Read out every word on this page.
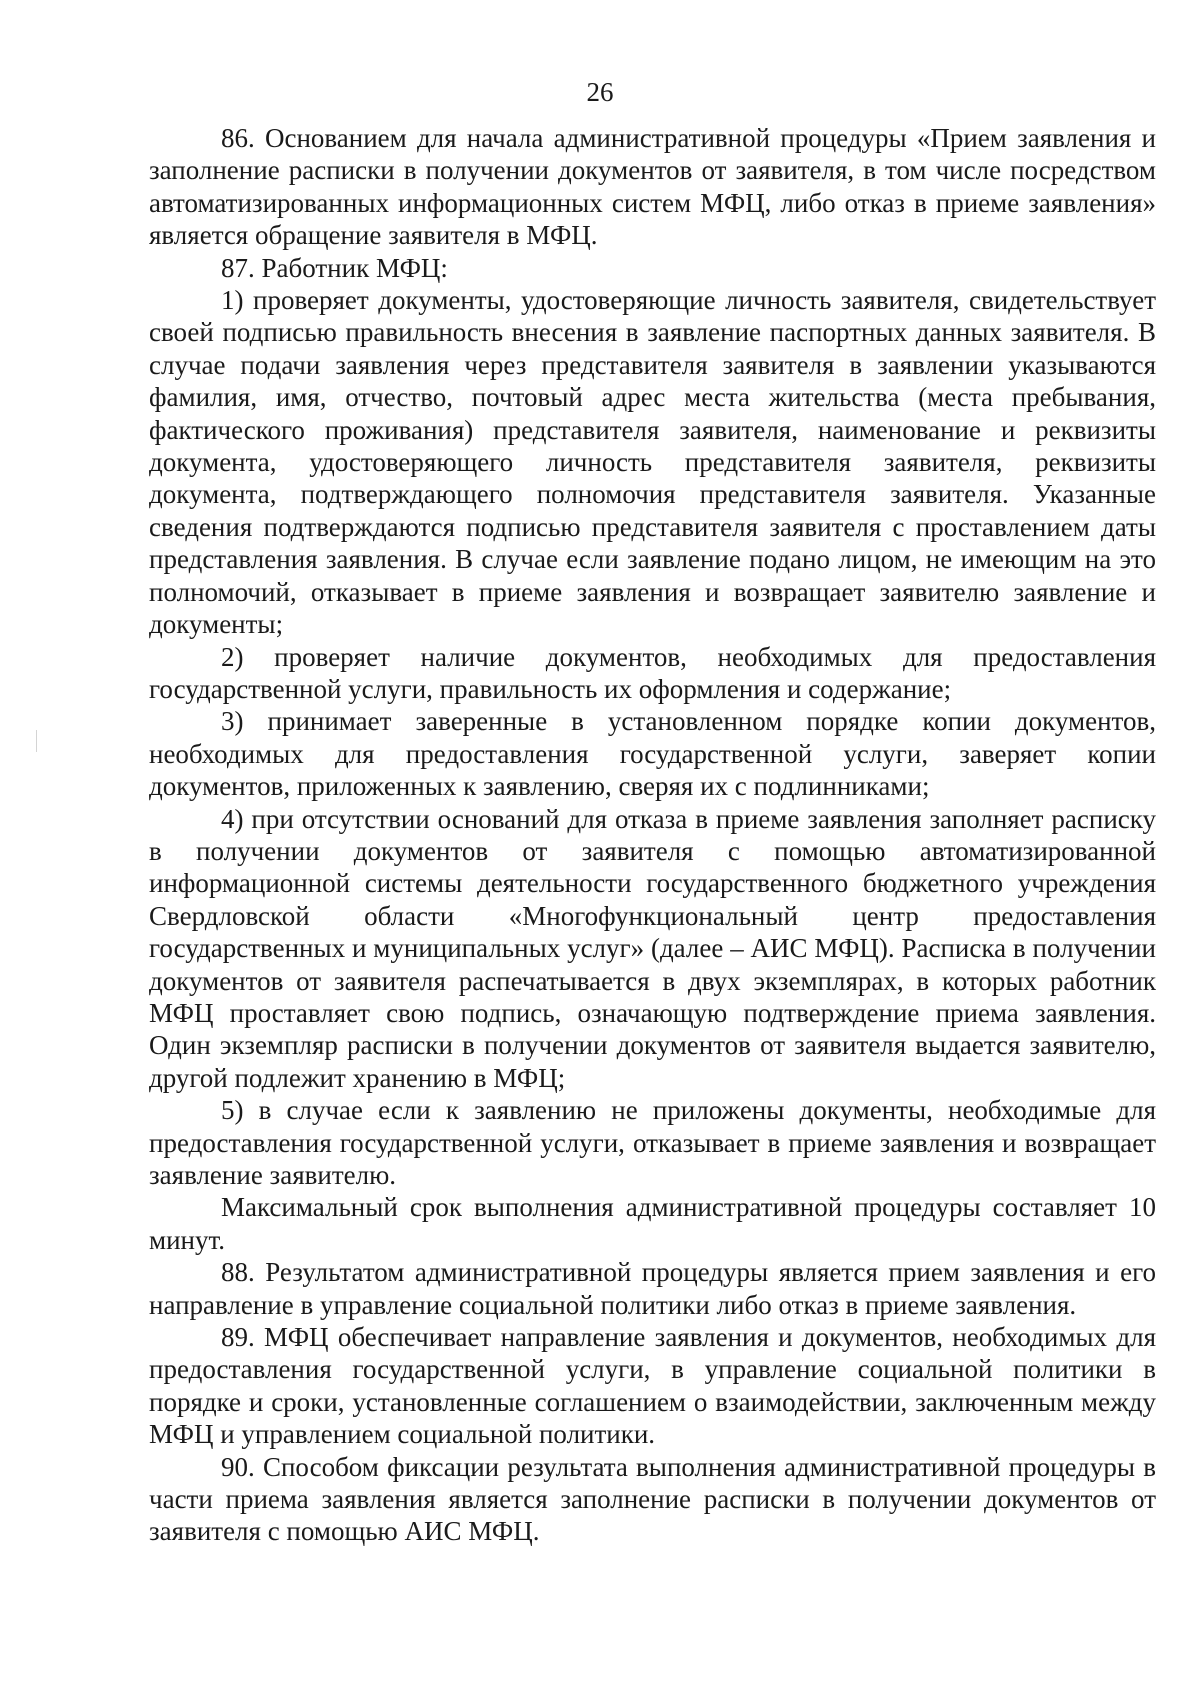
26

86. Основанием для начала административной процедуры «Прием заявления и заполнение расписки в получении документов от заявителя, в том числе посредством автоматизированных информационных систем МФЦ, либо отказ в приеме заявления» является обращение заявителя в МФЦ.

87. Работник МФЦ:

1) проверяет документы, удостоверяющие личность заявителя, свидетельствует своей подписью правильность внесения в заявление паспортных данных заявителя. В случае подачи заявления через представителя заявителя в заявлении указываются фамилия, имя, отчество, почтовый адрес места жительства (места пребывания, фактического проживания) представителя заявителя, наименование и реквизиты документа, удостоверяющего личность представителя заявителя, реквизиты документа, подтверждающего полномочия представителя заявителя. Указанные сведения подтверждаются подписью представителя заявителя с проставлением даты представления заявления. В случае если заявление подано лицом, не имеющим на это полномочий, отказывает в приеме заявления и возвращает заявителю заявление и документы;

2) проверяет наличие документов, необходимых для предоставления государственной услуги, правильность их оформления и содержание;

3) принимает заверенные в установленном порядке копии документов, необходимых для предоставления государственной услуги, заверяет копии документов, приложенных к заявлению, сверяя их с подлинниками;

4) при отсутствии оснований для отказа в приеме заявления заполняет расписку в получении документов от заявителя с помощью автоматизированной информационной системы деятельности государственного бюджетного учреждения Свердловской области «Многофункциональный центр предоставления государственных и муниципальных услуг» (далее – АИС МФЦ). Расписка в получении документов от заявителя распечатывается в двух экземплярах, в которых работник МФЦ проставляет свою подпись, означающую подтверждение приема заявления. Один экземпляр расписки в получении документов от заявителя выдается заявителю, другой подлежит хранению в МФЦ;

5) в случае если к заявлению не приложены документы, необходимые для предоставления государственной услуги, отказывает в приеме заявления и возвращает заявление заявителю.

Максимальный срок выполнения административной процедуры составляет 10 минут.

88. Результатом административной процедуры является прием заявления и его направление в управление социальной политики либо отказ в приеме заявления.

89. МФЦ обеспечивает направление заявления и документов, необходимых для предоставления государственной услуги, в управление социальной политики в порядке и сроки, установленные соглашением о взаимодействии, заключенным между МФЦ и управлением социальной политики.

90. Способом фиксации результата выполнения административной процедуры в части приема заявления является заполнение расписки в получении документов от заявителя с помощью АИС МФЦ.
